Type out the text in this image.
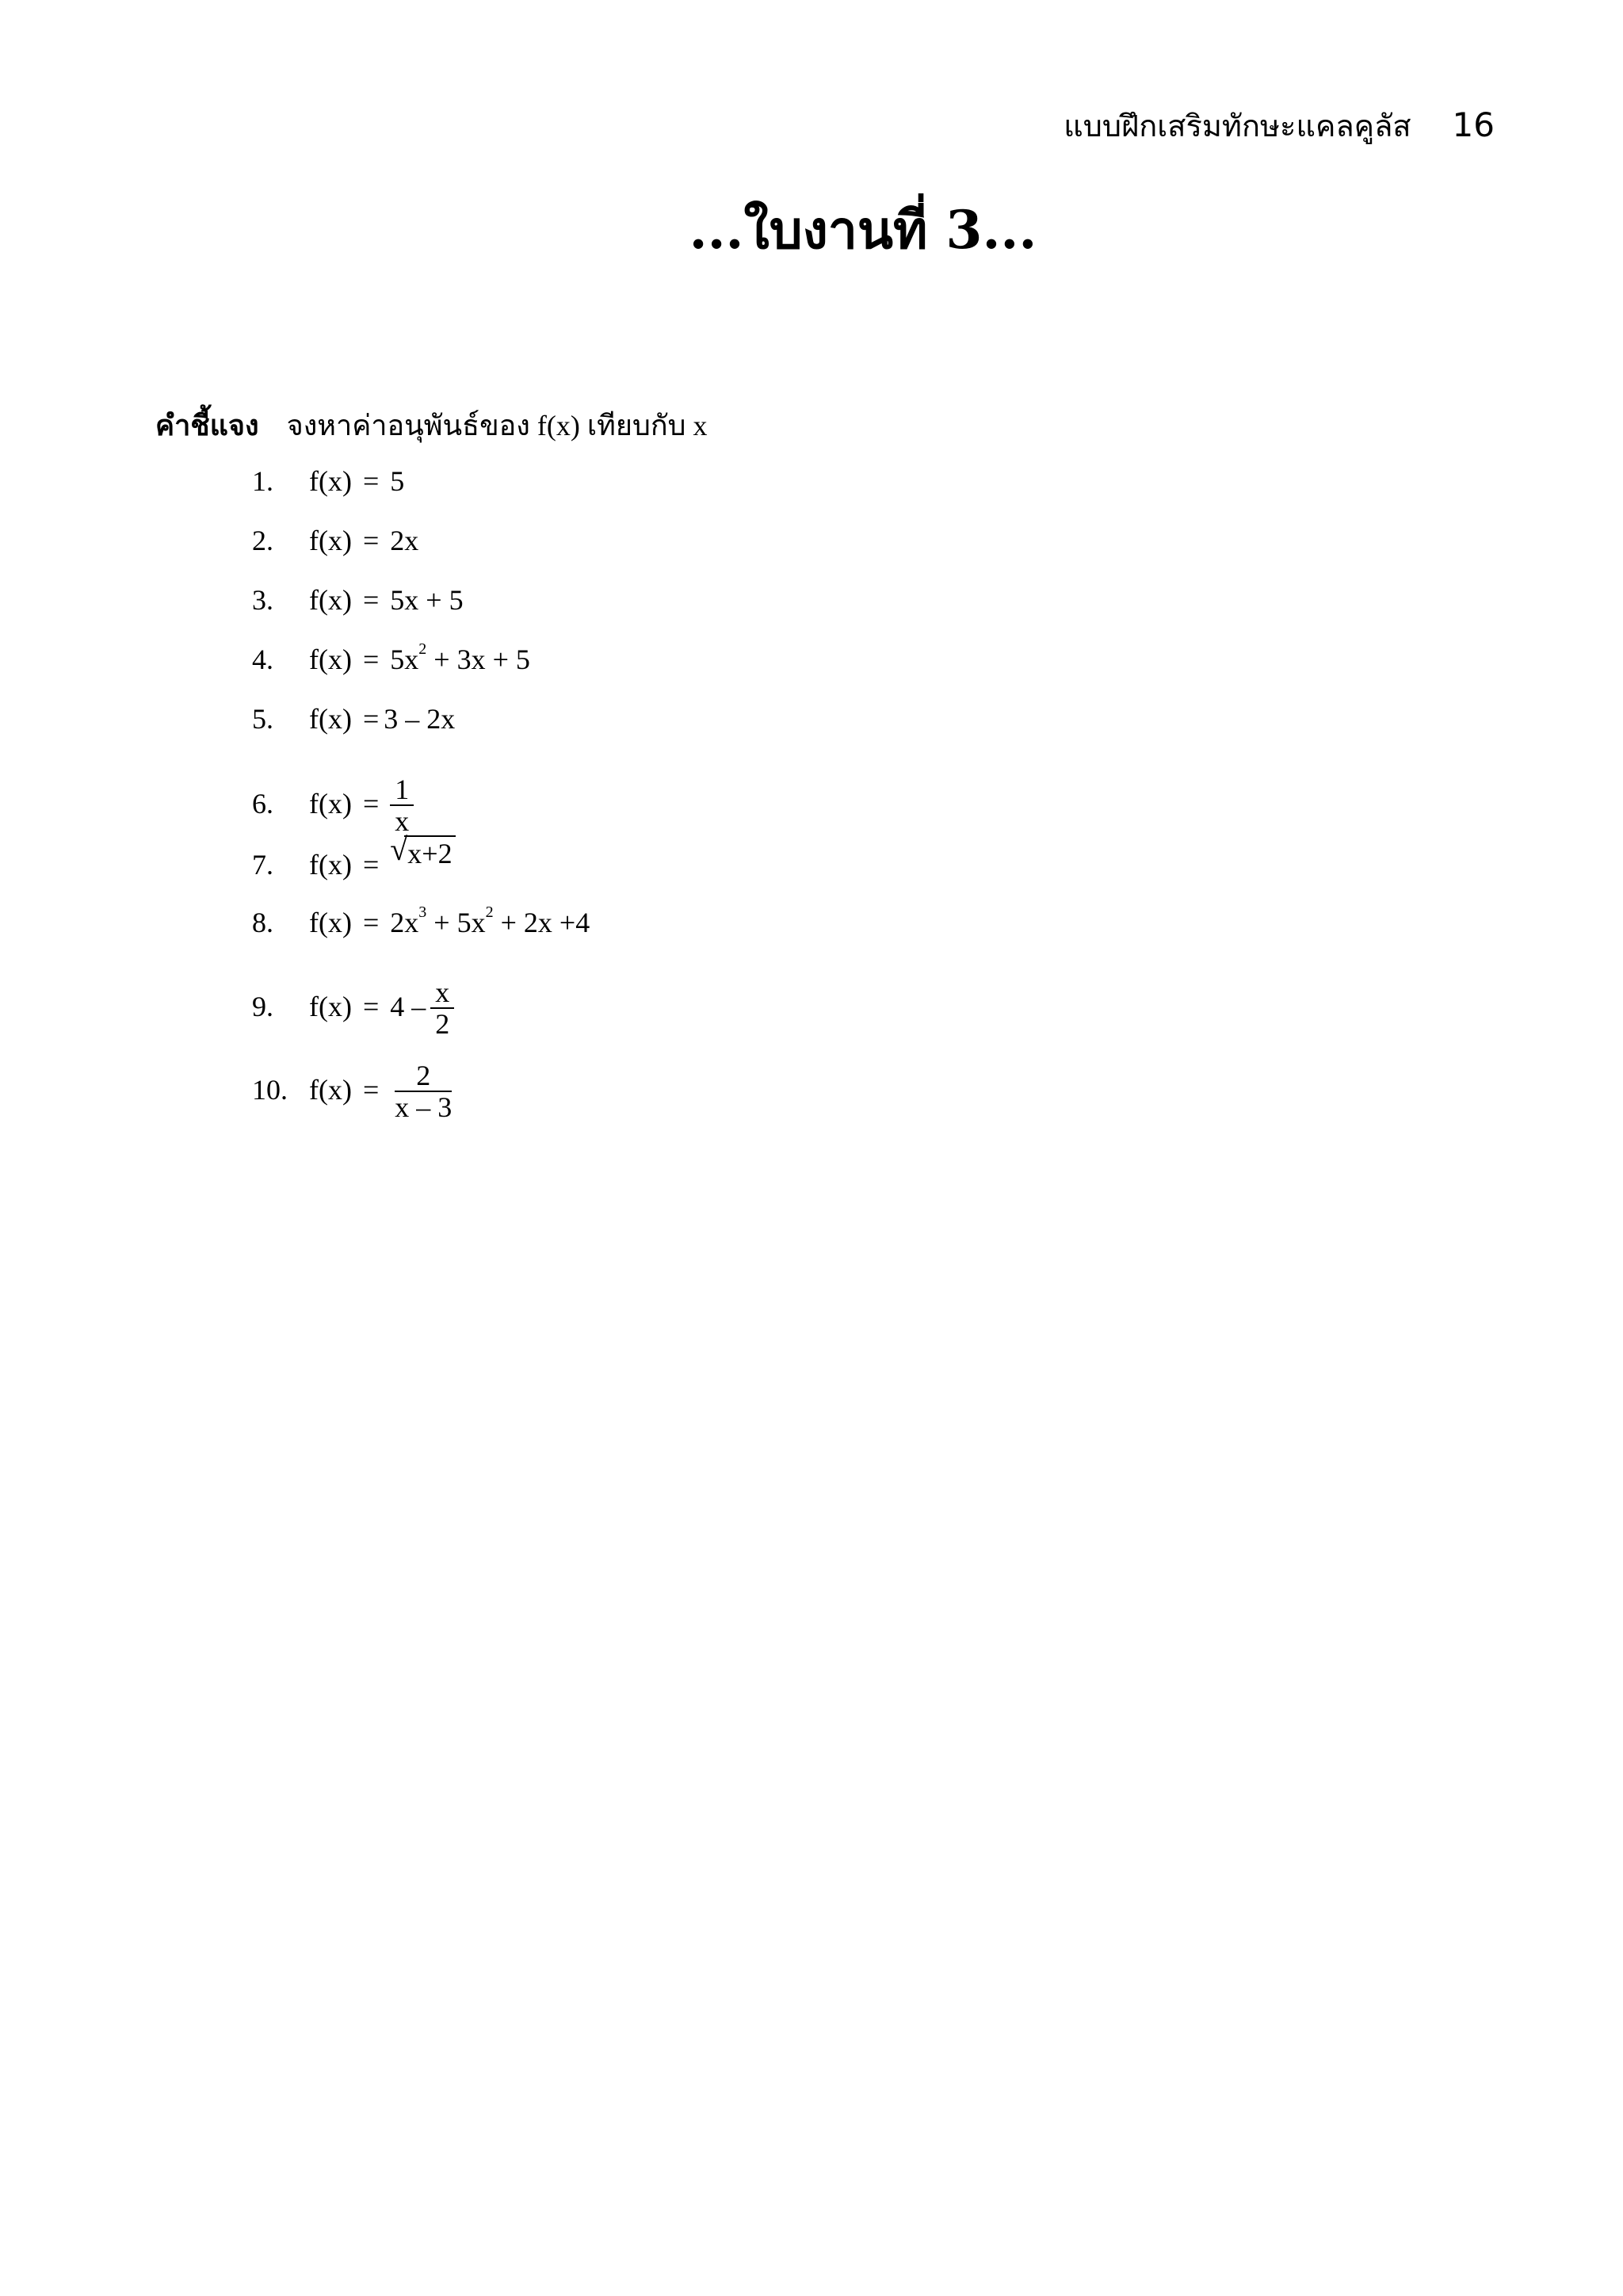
แบบฝึกเสริมทักษะแคลคูลัส 16
...ใบงานที่ 3...
คำชี้แจง จงหาค่าอนุพันธ์ของ f(x) เทียบกับ x
1.	f(x) = 5
2.	f(x) = 2x
3.	f(x) = 5x + 5
4.	$f(x) = 5x^2 + 3x + 5$
5.	f(x) = 3 – 2x
6.	$f(x) = \frac{1}{x}$
7.	f(x) = √ x+2
8.	$f(x) = 2x^3 + 5x^2 + 2x +4$
9.	$f(x) = 4 - \frac{x}{2}$
10. $f(x) = \frac{2}{x - 3}$
